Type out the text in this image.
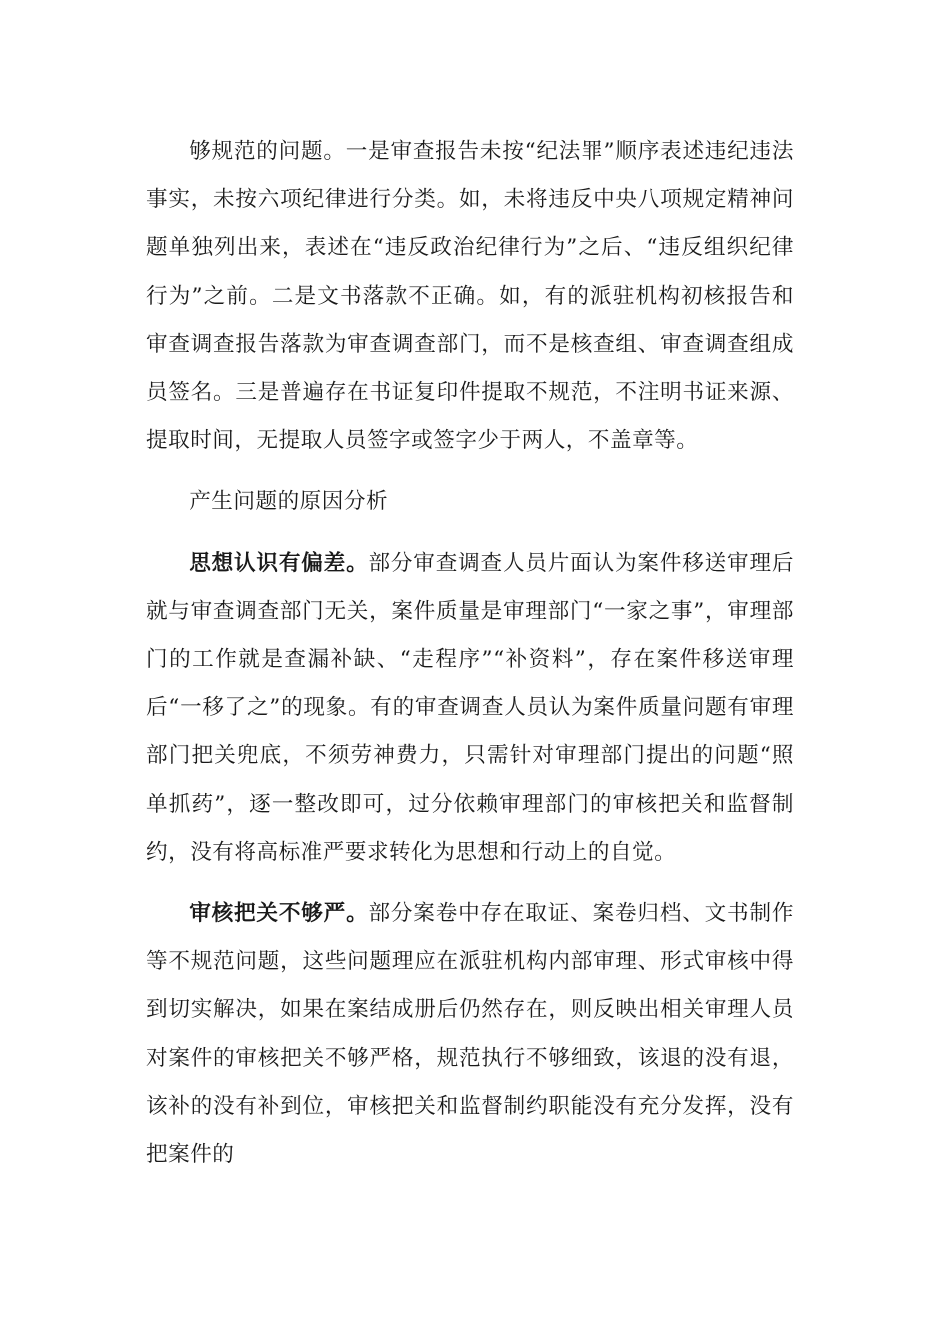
够规范的问题。一是审查报告未按“纪法罪”顺序表述违纪违法事实，未按六项纪律进行分类。如，未将违反中央八项规定精神问题单独列出来，表述在“违反政治纪律行为”之后、“违反组织纪律行为”之前。二是文书落款不正确。如，有的派驻机构初核报告和审查调查报告落款为审查调查部门，而不是核查组、审查调查组成员签名。三是普遍存在书证复印件提取不规范，不注明书证来源、提取时间，无提取人员签字或签字少于两人，不盖章等。

产生问题的原因分析

思想认识有偏差。部分审查调查人员片面认为案件移送审理后就与审查调查部门无关，案件质量是审理部门“一家之事”，审理部门的工作就是查漏补缺、“走程序”“补资料”，存在案件移送审理后“一移了之”的现象。有的审查调查人员认为案件质量问题有审理部门把关兜底，不须劳神费力，只需针对审理部门提出的问题“照单抓药”，逐一整改即可，过分依赖审理部门的审核把关和监督制约，没有将高标准严要求转化为思想和行动上的自觉。

审核把关不够严。部分案卷中存在取证、案卷归档、文书制作等不规范问题，这些问题理应在派驻机构内部审理、形式审核中得到切实解决，如果在案结成册后仍然存在，则反映出相关审理人员对案件的审核把关不够严格，规范执行不够细致，该退的没有退，该补的没有补到位，审核把关和监督制约职能没有充分发挥，没有把案件的
